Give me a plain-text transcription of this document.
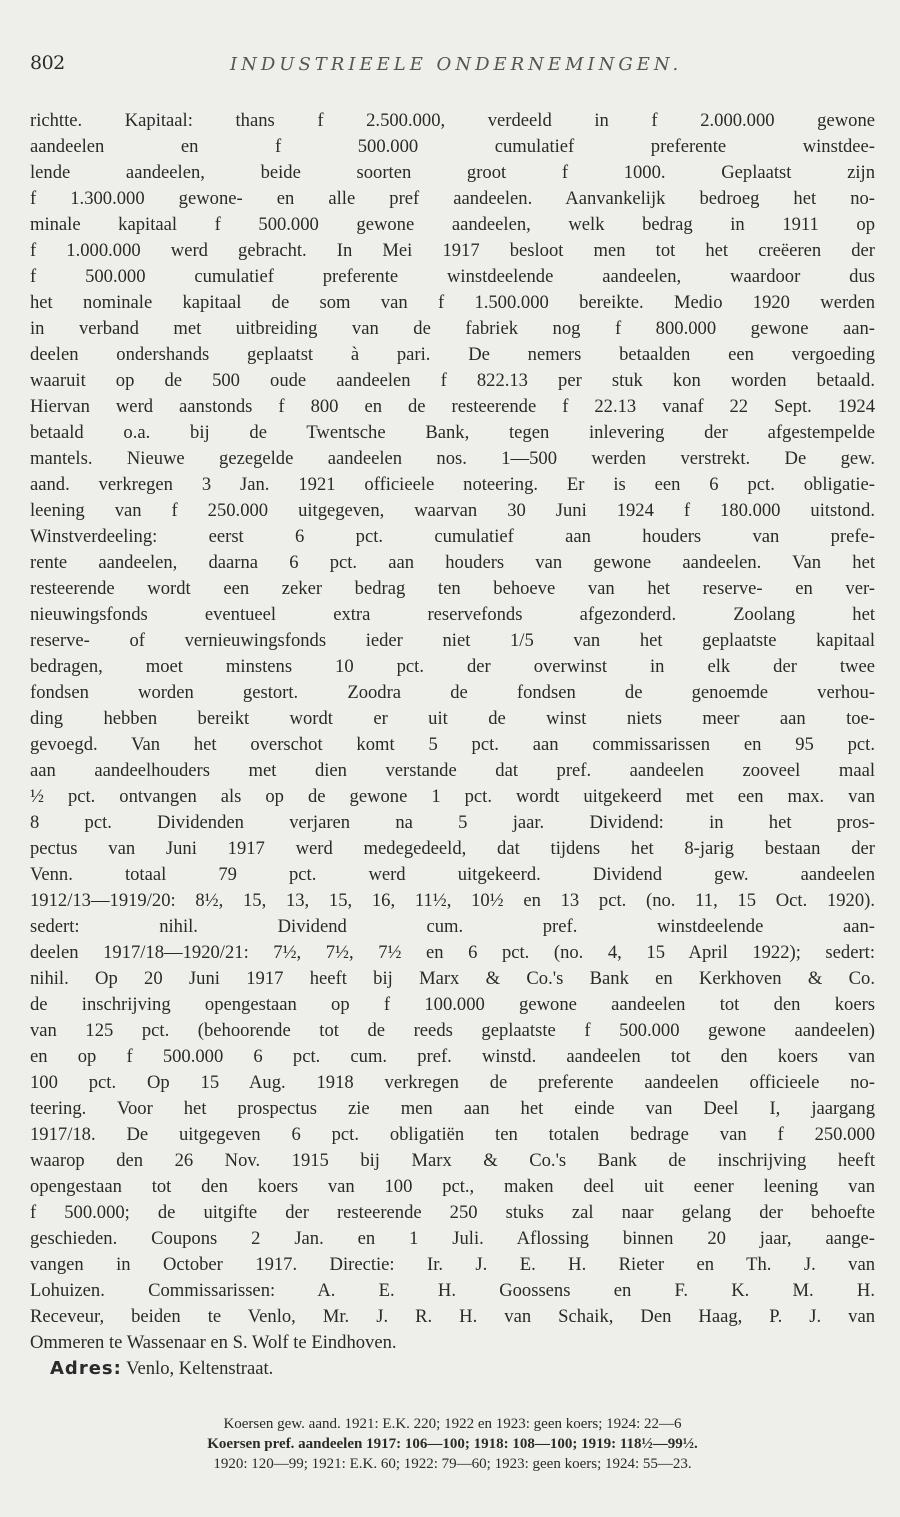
802	INDUSTRIEELE ONDERNEMINGEN.
richtte. Kapitaal: thans f 2.500.000, verdeeld in f 2.000.000 gewone
aandeelen en f 500.000 cumulatief preferente winstdee-
lende aandeelen, beide soorten groot f 1000. Geplaatst zijn
f 1.300.000 gewone- en alle pref aandeelen. Aanvankelijk bedroeg het no-
minale kapitaal f 500.000 gewone aandeelen, welk bedrag in 1911 op
f 1.000.000 werd gebracht. In Mei 1917 besloot men tot het creëeren der
f 500.000 cumulatief preferente winstdeelende aandeelen, waardoor dus
het nominale kapitaal de som van f 1.500.000 bereikte. Medio 1920 werden
in verband met uitbreiding van de fabriek nog f 800.000 gewone aan-
deelen ondershands geplaatst à pari. De nemers betaalden een vergoeding
waaruit op de 500 oude aandeelen f 822.13 per stuk kon worden betaald.
Hiervan werd aanstonds f 800 en de resteerende f 22.13 vanaf 22 Sept. 1924
betaald o.a. bij de Twentsche Bank, tegen inlevering der afgestempelde
mantels. Nieuwe gezegelde aandeelen nos. 1—500 werden verstrekt. De gew.
aand. verkregen 3 Jan. 1921 officieele noteering. Er is een 6 pct. obligatie-
leening van f 250.000 uitgegeven, waarvan 30 Juni 1924 f 180.000 uitstond.
Winstverdeeling: eerst 6 pct. cumulatief aan houders van prefe-
rente aandeelen, daarna 6 pct. aan houders van gewone aandeelen. Van het
resteerende wordt een zeker bedrag ten behoeve van het reserve- en ver-
nieuwingsfonds eventueel extra reservefonds afgezonderd. Zoolang het
reserve- of vernieuwingsfonds ieder niet 1/5 van het geplaatste kapitaal
bedragen, moet minstens 10 pct. der overwinst in elk der twee
fondsen worden gestort. Zoodra de fondsen de genoemde verhou-
ding hebben bereikt wordt er uit de winst niets meer aan toe-
gevoegd. Van het overschot komt 5 pct. aan commissarissen en 95 pct.
aan aandeelhouders met dien verstande dat pref. aandeelen zooveel maal
½ pct. ontvangen als op de gewone 1 pct. wordt uitgekeerd met een max. van
8 pct. Dividenden verjaren na 5 jaar. Dividend: in het pros-
pectus van Juni 1917 werd medegedeeld, dat tijdens het 8-jarig bestaan der
Venn. totaal 79 pct. werd uitgekeerd. Dividend gew. aandeelen
1912/13—1919/20: 8½, 15, 13, 15, 16, 11½, 10½ en 13 pct. (no. 11, 15 Oct. 1920).
sedert: nihil. Dividend cum. pref. winstdeelende aan-
deelen 1917/18—1920/21: 7½, 7½, 7½ en 6 pct. (no. 4, 15 April 1922); sedert:
nihil. Op 20 Juni 1917 heeft bij Marx & Co.'s Bank en Kerkhoven & Co.
de inschrijving opengestaan op f 100.000 gewone aandeelen tot den koers
van 125 pct. (behoorende tot de reeds geplaatste f 500.000 gewone aandeelen)
en op f 500.000 6 pct. cum. pref. winstd. aandeelen tot den koers van
100 pct. Op 15 Aug. 1918 verkregen de preferente aandeelen officieele no-
teering. Voor het prospectus zie men aan het einde van Deel I, jaargang
1917/18. De uitgegeven 6 pct. obligatiën ten totalen bedrage van f 250.000
waarop den 26 Nov. 1915 bij Marx & Co.'s Bank de inschrijving heeft
opengestaan tot den koers van 100 pct., maken deel uit eener leening van
f 500.000; de uitgifte der resteerende 250 stuks zal naar gelang der behoefte
geschieden. Coupons 2 Jan. en 1 Juli. Aflossing binnen 20 jaar, aange-
vangen in October 1917. Directie: Ir. J. E. H. Rieter en Th. J. van
Lohuizen. Commissarissen: A. E. H. Goossens en F. K. M. H.
Receveur, beiden te Venlo, Mr. J. R. H. van Schaik, Den Haag, P. J. van
Ommeren te Wassenaar en S. Wolf te Eindhoven.
Adres: Venlo, Keltenstraat.
Koersen gew. aand. 1921: E.K. 220; 1922 en 1923: geen koers; 1924: 22—6
Koersen pref. aandeelen 1917: 106—100; 1918: 108—100; 1919: 118½—99½.
1920: 120—99; 1921: E.K. 60; 1922: 79—60; 1923: geen koers; 1924: 55—23.
